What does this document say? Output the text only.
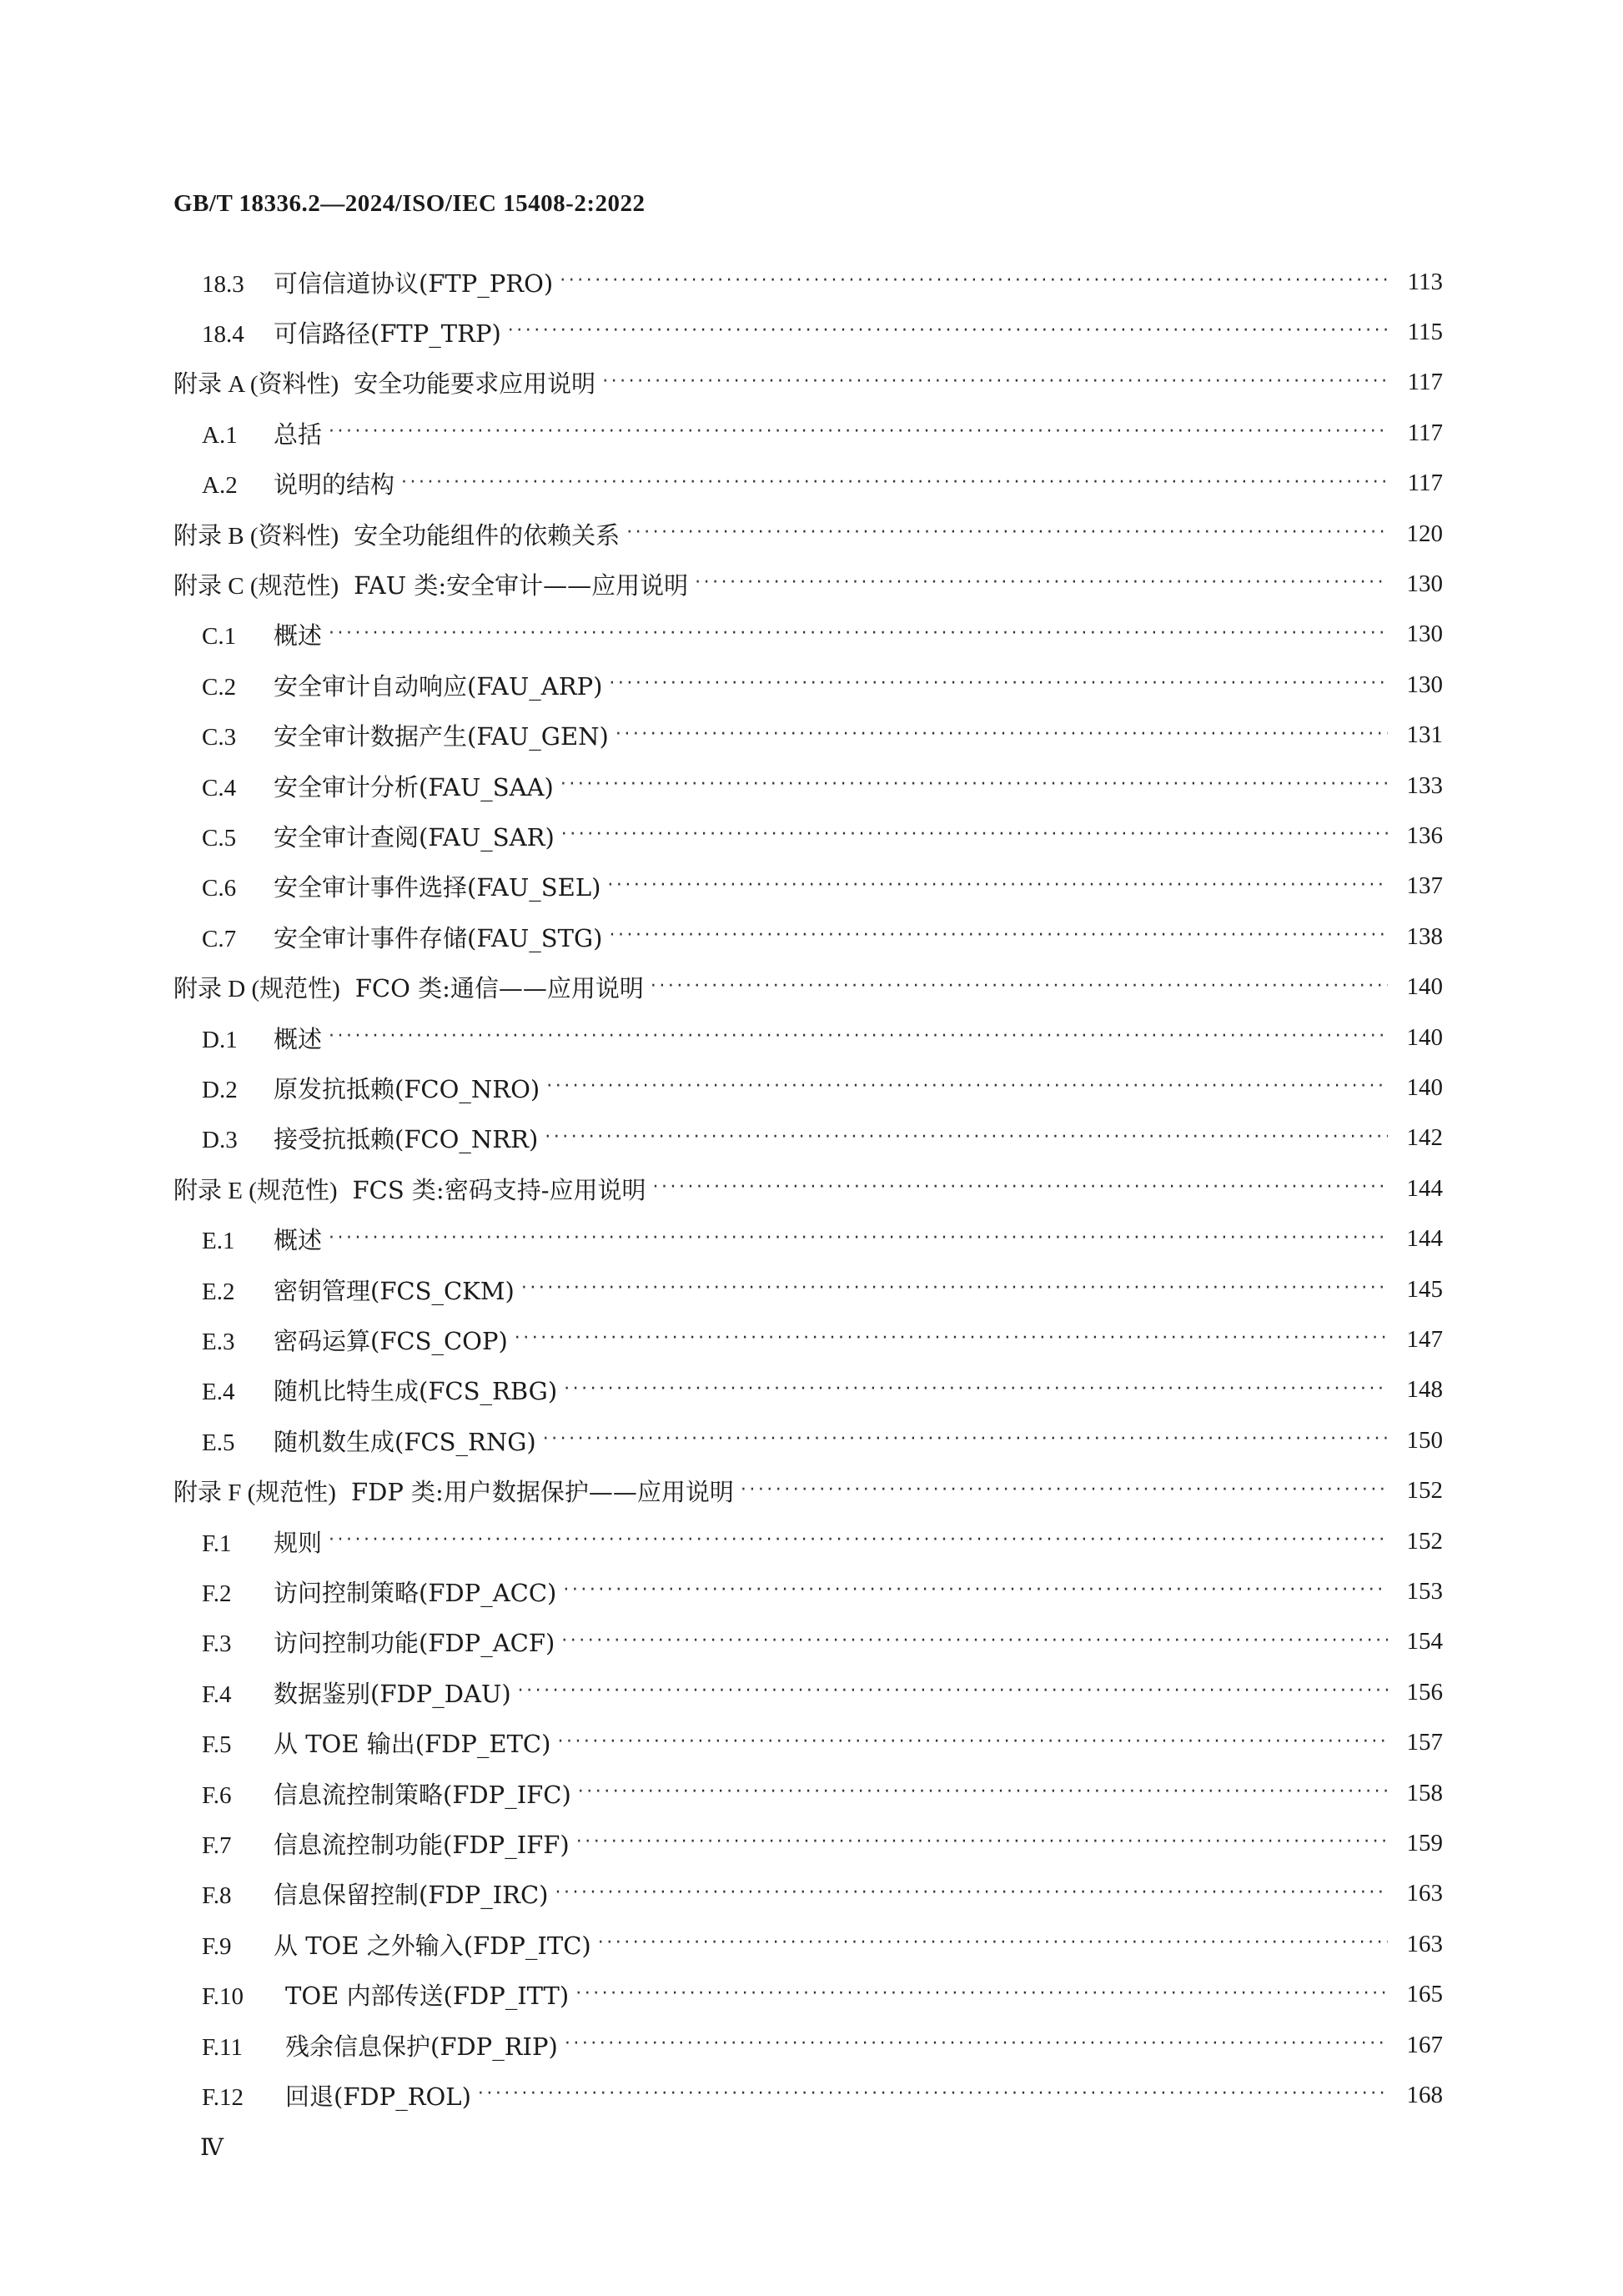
GB/T 18336.2—2024/ISO/IEC 15408-2:2022
18.3 可信信道协议(FTP_PRO) ·····	113
18.4 可信路径(FTP_TRP) ·····	115
附录 A (资料性) 安全功能要求应用说明 ·····	117
A.1 总括 ·····	117
A.2 说明的结构 ·····	117
附录 B (资料性) 安全功能组件的依赖关系 ·····	120
附录 C (规范性) FAU 类:安全审计——应用说明 ·····	130
C.1 概述 ·····	130
C.2 安全审计自动响应(FAU_ARP) ·····	130
C.3 安全审计数据产生(FAU_GEN) ·····	131
C.4 安全审计分析(FAU_SAA) ·····	133
C.5 安全审计查阅(FAU_SAR) ·····	136
C.6 安全审计事件选择(FAU_SEL) ·····	137
C.7 安全审计事件存储(FAU_STG) ·····	138
附录 D (规范性) FCO 类:通信——应用说明 ·····	140
D.1 概述 ·····	140
D.2 原发抗抵赖(FCO_NRO) ·····	140
D.3 接受抗抵赖(FCO_NRR) ·····	142
附录 E (规范性) FCS 类:密码支持-应用说明 ·····	144
E.1 概述 ·····	144
E.2 密钥管理(FCS_CKM) ·····	145
E.3 密码运算(FCS_COP) ·····	147
E.4 随机比特生成(FCS_RBG) ·····	148
E.5 随机数生成(FCS_RNG) ·····	150
附录 F (规范性) FDP 类:用户数据保护——应用说明 ·····	152
F.1 规则 ·····	152
F.2 访问控制策略(FDP_ACC) ·····	153
F.3 访问控制功能(FDP_ACF) ·····	154
F.4 数据鉴别(FDP_DAU) ·····	156
F.5 从 TOE 输出(FDP_ETC) ·····	157
F.6 信息流控制策略(FDP_IFC) ·····	158
F.7 信息流控制功能(FDP_IFF) ·····	159
F.8 信息保留控制(FDP_IRC) ·····	163
F.9 从 TOE 之外输入(FDP_ITC) ·····	163
F.10 TOE 内部传送(FDP_ITT) ·····	165
F.11 残余信息保护(FDP_RIP) ·····	167
F.12 回退(FDP_ROL) ·····	168
Ⅳ
